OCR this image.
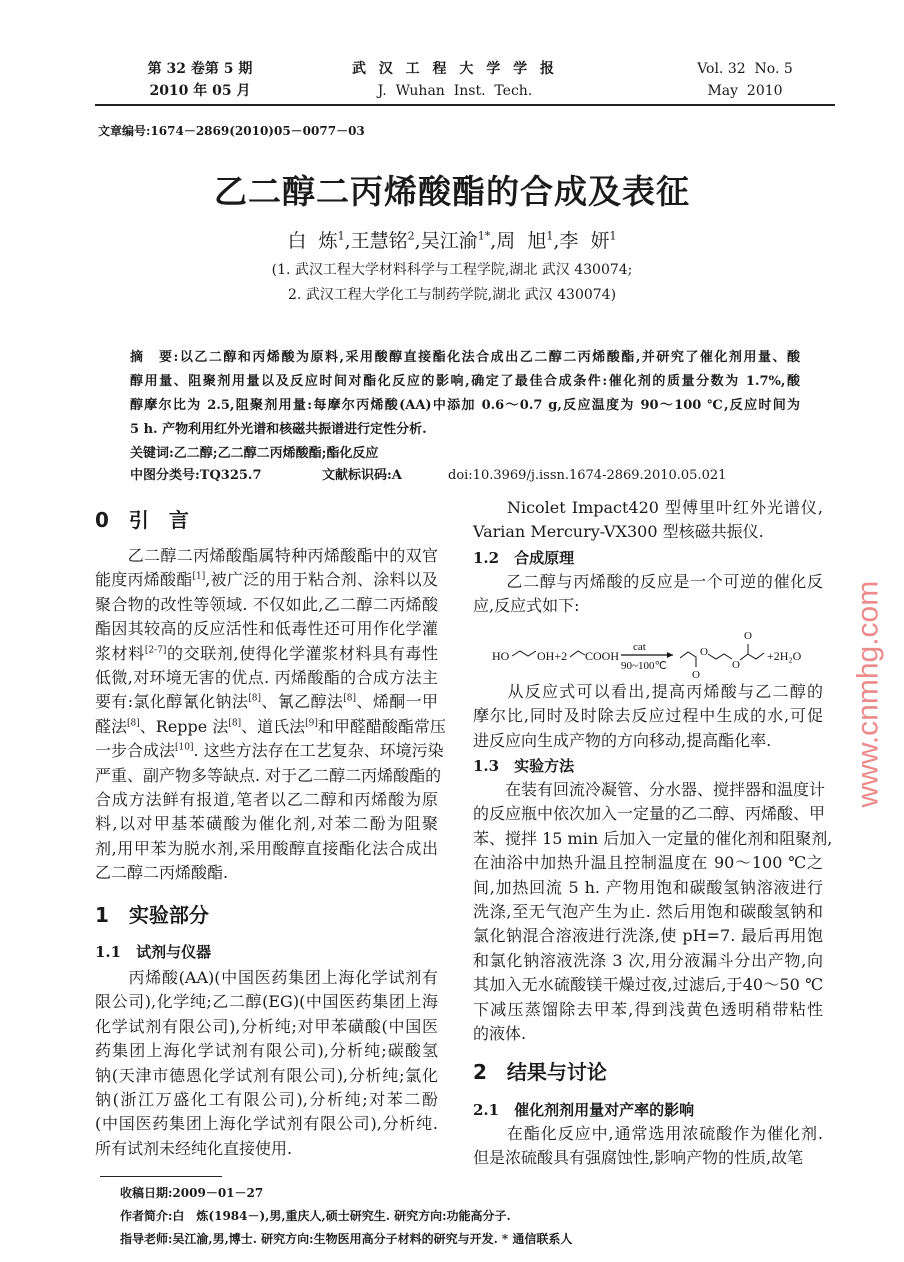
第 32 卷第 5 期
2010 年 05 月
武 汉 工 程 大 学 学 报
J.  Wuhan  Inst.  Tech.
Vol. 32  No. 5
May  2010
文章编号:1674－2869(2010)05－0077－03
乙二醇二丙烯酸酯的合成及表征
白  炼$^1$,王慧铭$^2$,吴江渝$^{1*}$,周  旭$^1$,李  妍$^1$
(1. 武汉工程大学材料科学与工程学院,湖北 武汉 430074;
2. 武汉工程大学化工与制药学院,湖北 武汉 430074)
摘　要:以乙二醇和丙烯酸为原料,采用酸醇直接酯化法合成出乙二醇二丙烯酸酯,并研究了催化剂用量、酸
醇用量、阻聚剂用量以及反应时间对酯化反应的影响,确定了最佳合成条件:催化剂的质量分数为 1.7%,酸
醇摩尔比为 2.5,阻聚剂用量:每摩尔丙烯酸(AA)中添加 0.6～0.7 g,反应温度为 90～100 ℃,反应时间为
5 h. 产物利用红外光谱和核磁共振谱进行定性分析.
关键词:乙二醇;乙二醇二丙烯酸酯;酯化反应
中图分类号:TQ325.7	文献标识码:A	doi:10.3969/j.issn.1674-2869.2010.05.021
0　引　言
　　乙二醇二丙烯酸酯属特种丙烯酸酯中的双官
能度丙烯酸酯[1],被广泛的用于粘合剂、涂料以及
聚合物的改性等领域. 不仅如此,乙二醇二丙烯酸
酯因其较高的反应活性和低毒性还可用作化学灌
浆材料[2-7]的交联剂,使得化学灌浆材料具有毒性
低微,对环境无害的优点. 丙烯酸酯的合成方法主
要有:氯化醇氰化钠法[8]、氰乙醇法[8]、烯酮一甲
醛法[8]、Reppe 法[8]、道氏法[9]和甲醛醋酸酯常压
一步合成法[10]. 这些方法存在工艺复杂、环境污染
严重、副产物多等缺点. 对于乙二醇二丙烯酸酯的
合成方法鲜有报道,笔者以乙二醇和丙烯酸为原
料,以对甲基苯磺酸为催化剂,对苯二酚为阻聚
剂,用甲苯为脱水剂,采用酸醇直接酯化法合成出
乙二醇二丙烯酸酯.
1　实验部分
1.1　试剂与仪器
　　丙烯酸(AA)(中国医药集团上海化学试剂有
限公司),化学纯;乙二醇(EG)(中国医药集团上海
化学试剂有限公司),分析纯;对甲苯磺酸(中国医
药集团上海化学试剂有限公司),分析纯;碳酸氢
钠(天津市德恩化学试剂有限公司),分析纯;氯化
钠(浙江万盛化工有限公司),分析纯;对苯二酚
(中国医药集团上海化学试剂有限公司),分析纯.
所有试剂未经纯化直接使用.
　　Nicolet Impact420 型傅里叶红外光谱仪,
Varian Mercury-VX300 型核磁共振仪.
1.2　合成原理
　　乙二醇与丙烯酸的反应是一个可逆的催化反
应,反应式如下:
HO OH+2 COOH
cat
90~100℃
O
O
O
O
+2H₂O
　　从反应式可以看出,提高丙烯酸与乙二醇的
摩尔比,同时及时除去反应过程中生成的水,可促
进反应向生成产物的方向移动,提高酯化率.
1.3　实验方法
　　在装有回流冷凝管、分水器、搅拌器和温度计
的反应瓶中依次加入一定量的乙二醇、丙烯酸、甲
苯、搅拌 15 min 后加入一定量的催化剂和阻聚剂,
在油浴中加热升温且控制温度在 90～100 ℃之
间,加热回流 5 h. 产物用饱和碳酸氢钠溶液进行
洗涤,至无气泡产生为止. 然后用饱和碳酸氢钠和
氯化钠混合溶液进行洗涤,使 pH=7. 最后再用饱
和氯化钠溶液洗涤 3 次,用分液漏斗分出产物,向
其加入无水硫酸镁干燥过夜,过滤后,于40～50 ℃
下减压蒸馏除去甲苯,得到浅黄色透明稍带粘性
的液体.
2　结果与讨论
2.1　催化剂剂用量对产率的影响
　　在酯化反应中,通常选用浓硫酸作为催化剂.
但是浓硫酸具有强腐蚀性,影响产物的性质,故笔
收稿日期:2009－01－27
作者简介:白　炼(1984－),男,重庆人,硕士研究生. 研究方向:功能高分子.
指导老师:吴江渝,男,博士. 研究方向:生物医用高分子材料的研究与开发. * 通信联系人
www.cnmhg.com
